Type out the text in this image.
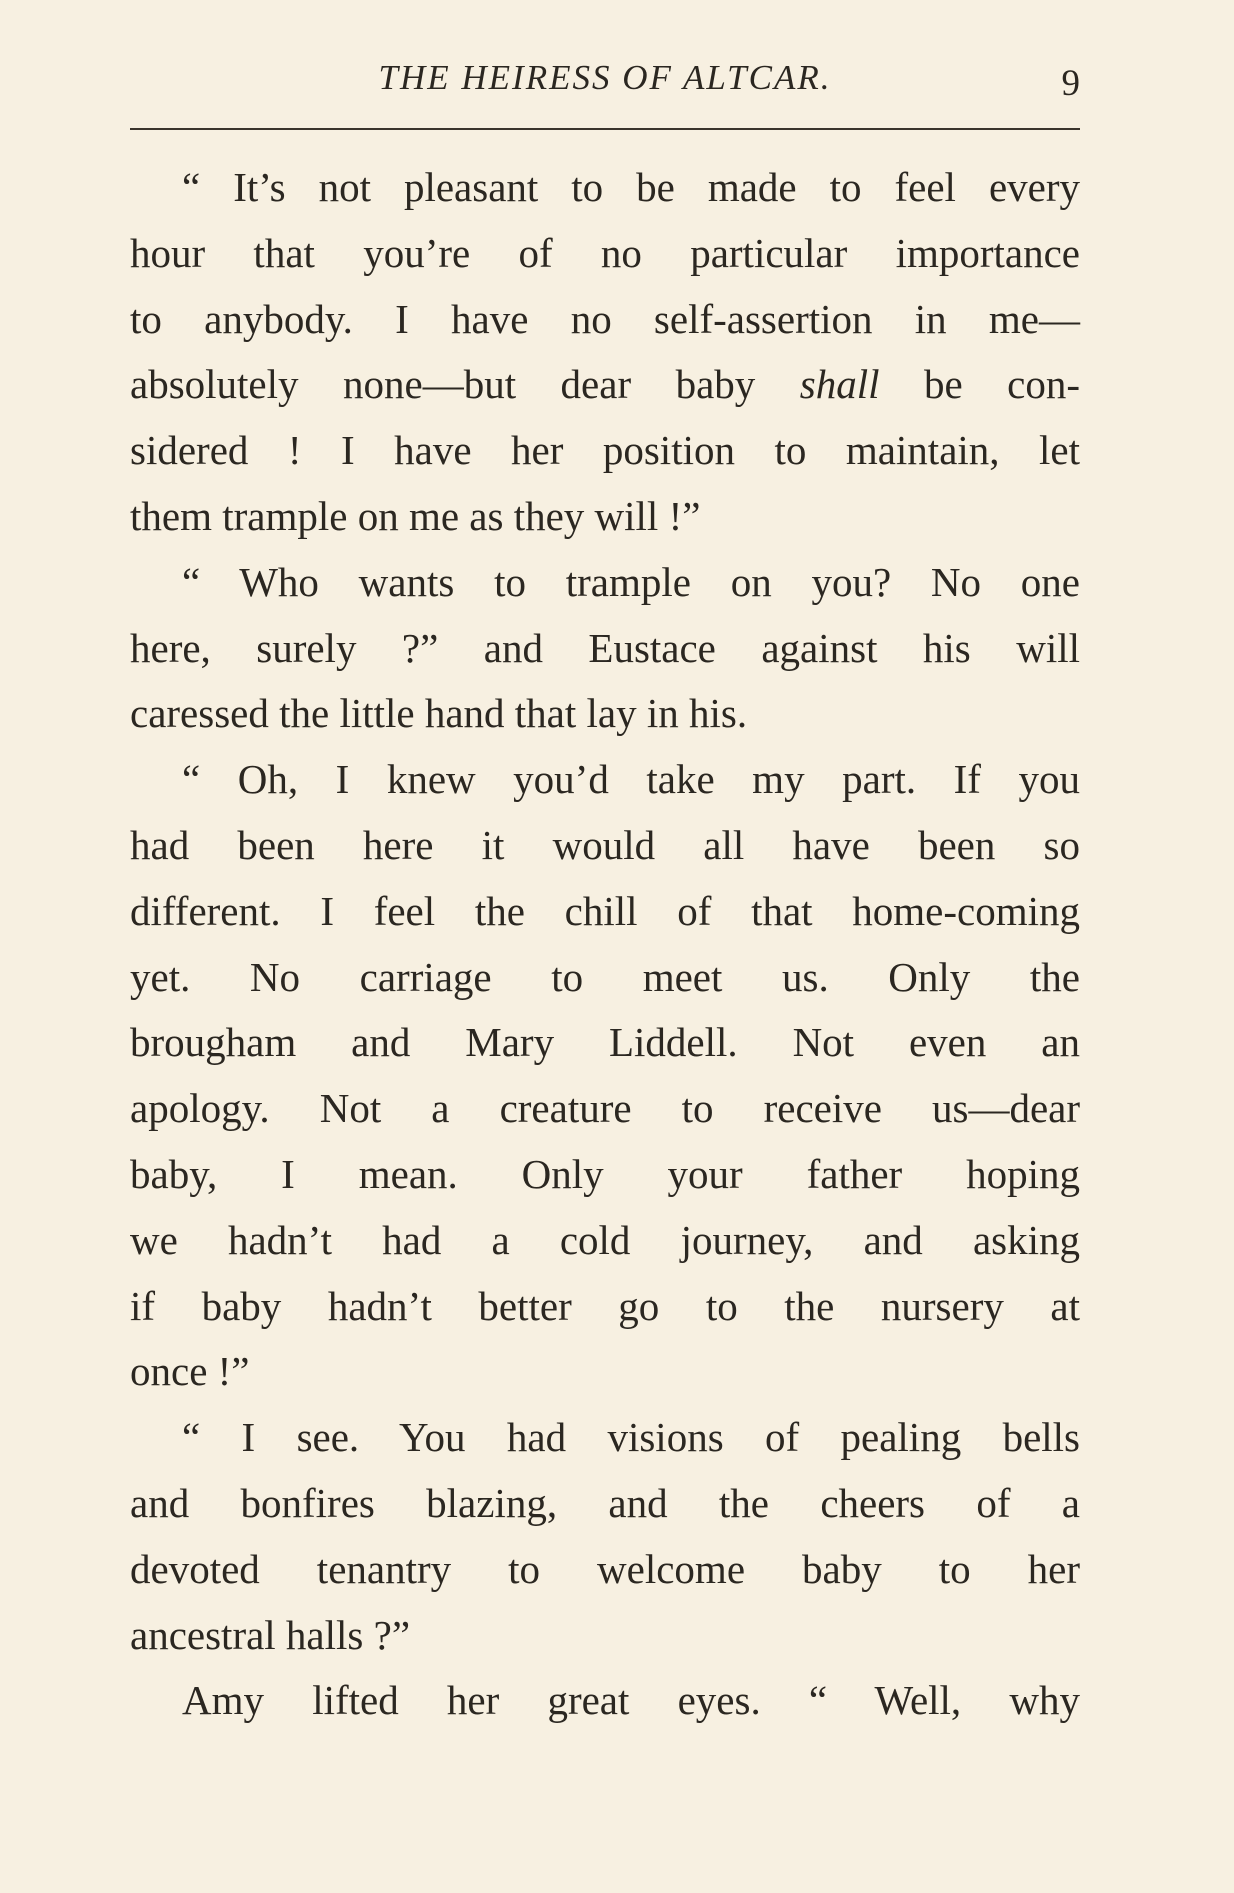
THE HEIRESS OF ALTCAR.	9
“ It’s not pleasant to be made to feel every
hour that you’re of no particular importance
to anybody. I have no self-assertion in me—
absolutely none—but dear baby shall be con-
sidered ! I have her position to maintain, let
them trample on me as they will !”
“ Who wants to trample on you? No one
here, surely ?” and Eustace against his will
caressed the little hand that lay in his.
“ Oh, I knew you’d take my part. If you
had been here it would all have been so
different. I feel the chill of that home-coming
yet. No carriage to meet us. Only the
brougham and Mary Liddell. Not even an
apology. Not a creature to receive us—dear
baby, I mean. Only your father hoping
we hadn’t had a cold journey, and asking
if baby hadn’t better go to the nursery at
once !”
“ I see. You had visions of pealing bells
and bonfires blazing, and the cheers of a
devoted tenantry to welcome baby to her
ancestral halls ?”
Amy lifted her great eyes. “ Well, why
